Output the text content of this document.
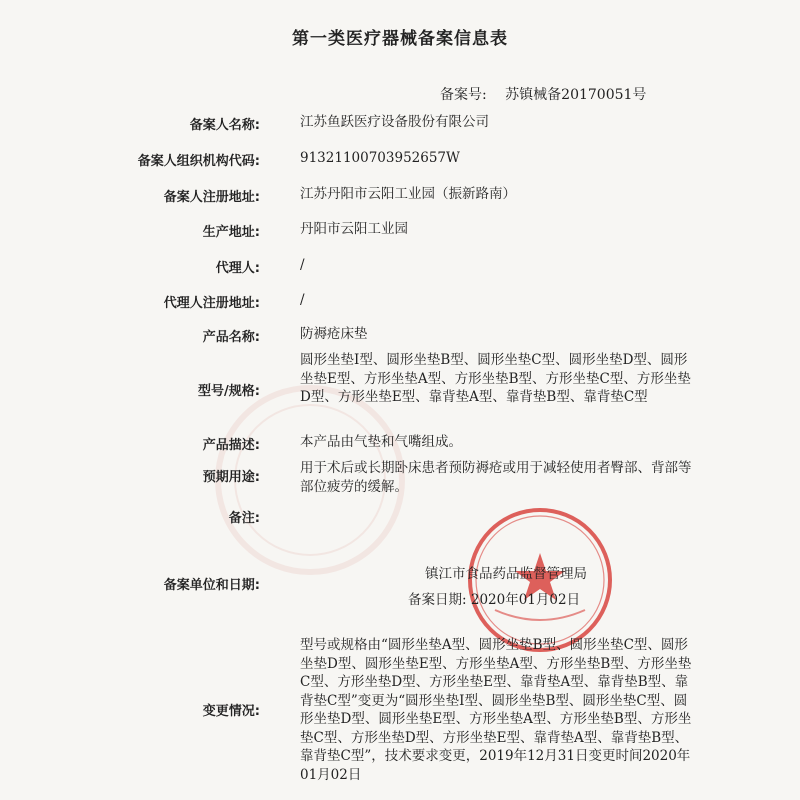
第一类医疗器械备案信息表
备案号: 苏镇械备20170051号
备案人名称:	江苏鱼跃医疗设备股份有限公司
备案人组织机构代码:	91321100703952657W
备案人注册地址:	江苏丹阳市云阳工业园（振新路南）
生产地址:	丹阳市云阳工业园
代理人:	/
代理人注册地址:	/
产品名称:	防褥疮床垫
型号/规格:
圆形坐垫Ⅰ型、圆形坐垫B型、圆形坐垫C型、圆形坐垫D型、圆形坐垫E型、方形坐垫A型、方形坐垫B型、方形坐垫C型、方形坐垫D型、方形坐垫E型、靠背垫A型、靠背垫B型、靠背垫C型
产品描述:	本产品由气垫和气嘴组成。
预期用途:
用于术后或长期卧床患者预防褥疮或用于减轻使用者臀部、背部等部位疲劳的缓解。
备注:
备案单位和日期:
镇江市食品药品监督管理局
备案日期: 2020年01月02日
变更情况:
型号或规格由“圆形坐垫A型、圆形坐垫B型、圆形坐垫C型、圆形坐垫D型、圆形坐垫E型、方形坐垫A型、方形坐垫B型、方形坐垫C型、方形坐垫D型、方形坐垫E型、靠背垫A型、靠背垫B型、靠背垫C型”变更为“圆形坐垫Ⅰ型、圆形坐垫B型、圆形坐垫C型、圆形坐垫D型、圆形坐垫E型、方形坐垫A型、方形坐垫B型、方形坐垫C型、方形坐垫D型、方形坐垫E型、靠背垫A型、靠背垫B型、靠背垫C型”，技术要求变更，2019年12月31日变更时间2020年01月02日
